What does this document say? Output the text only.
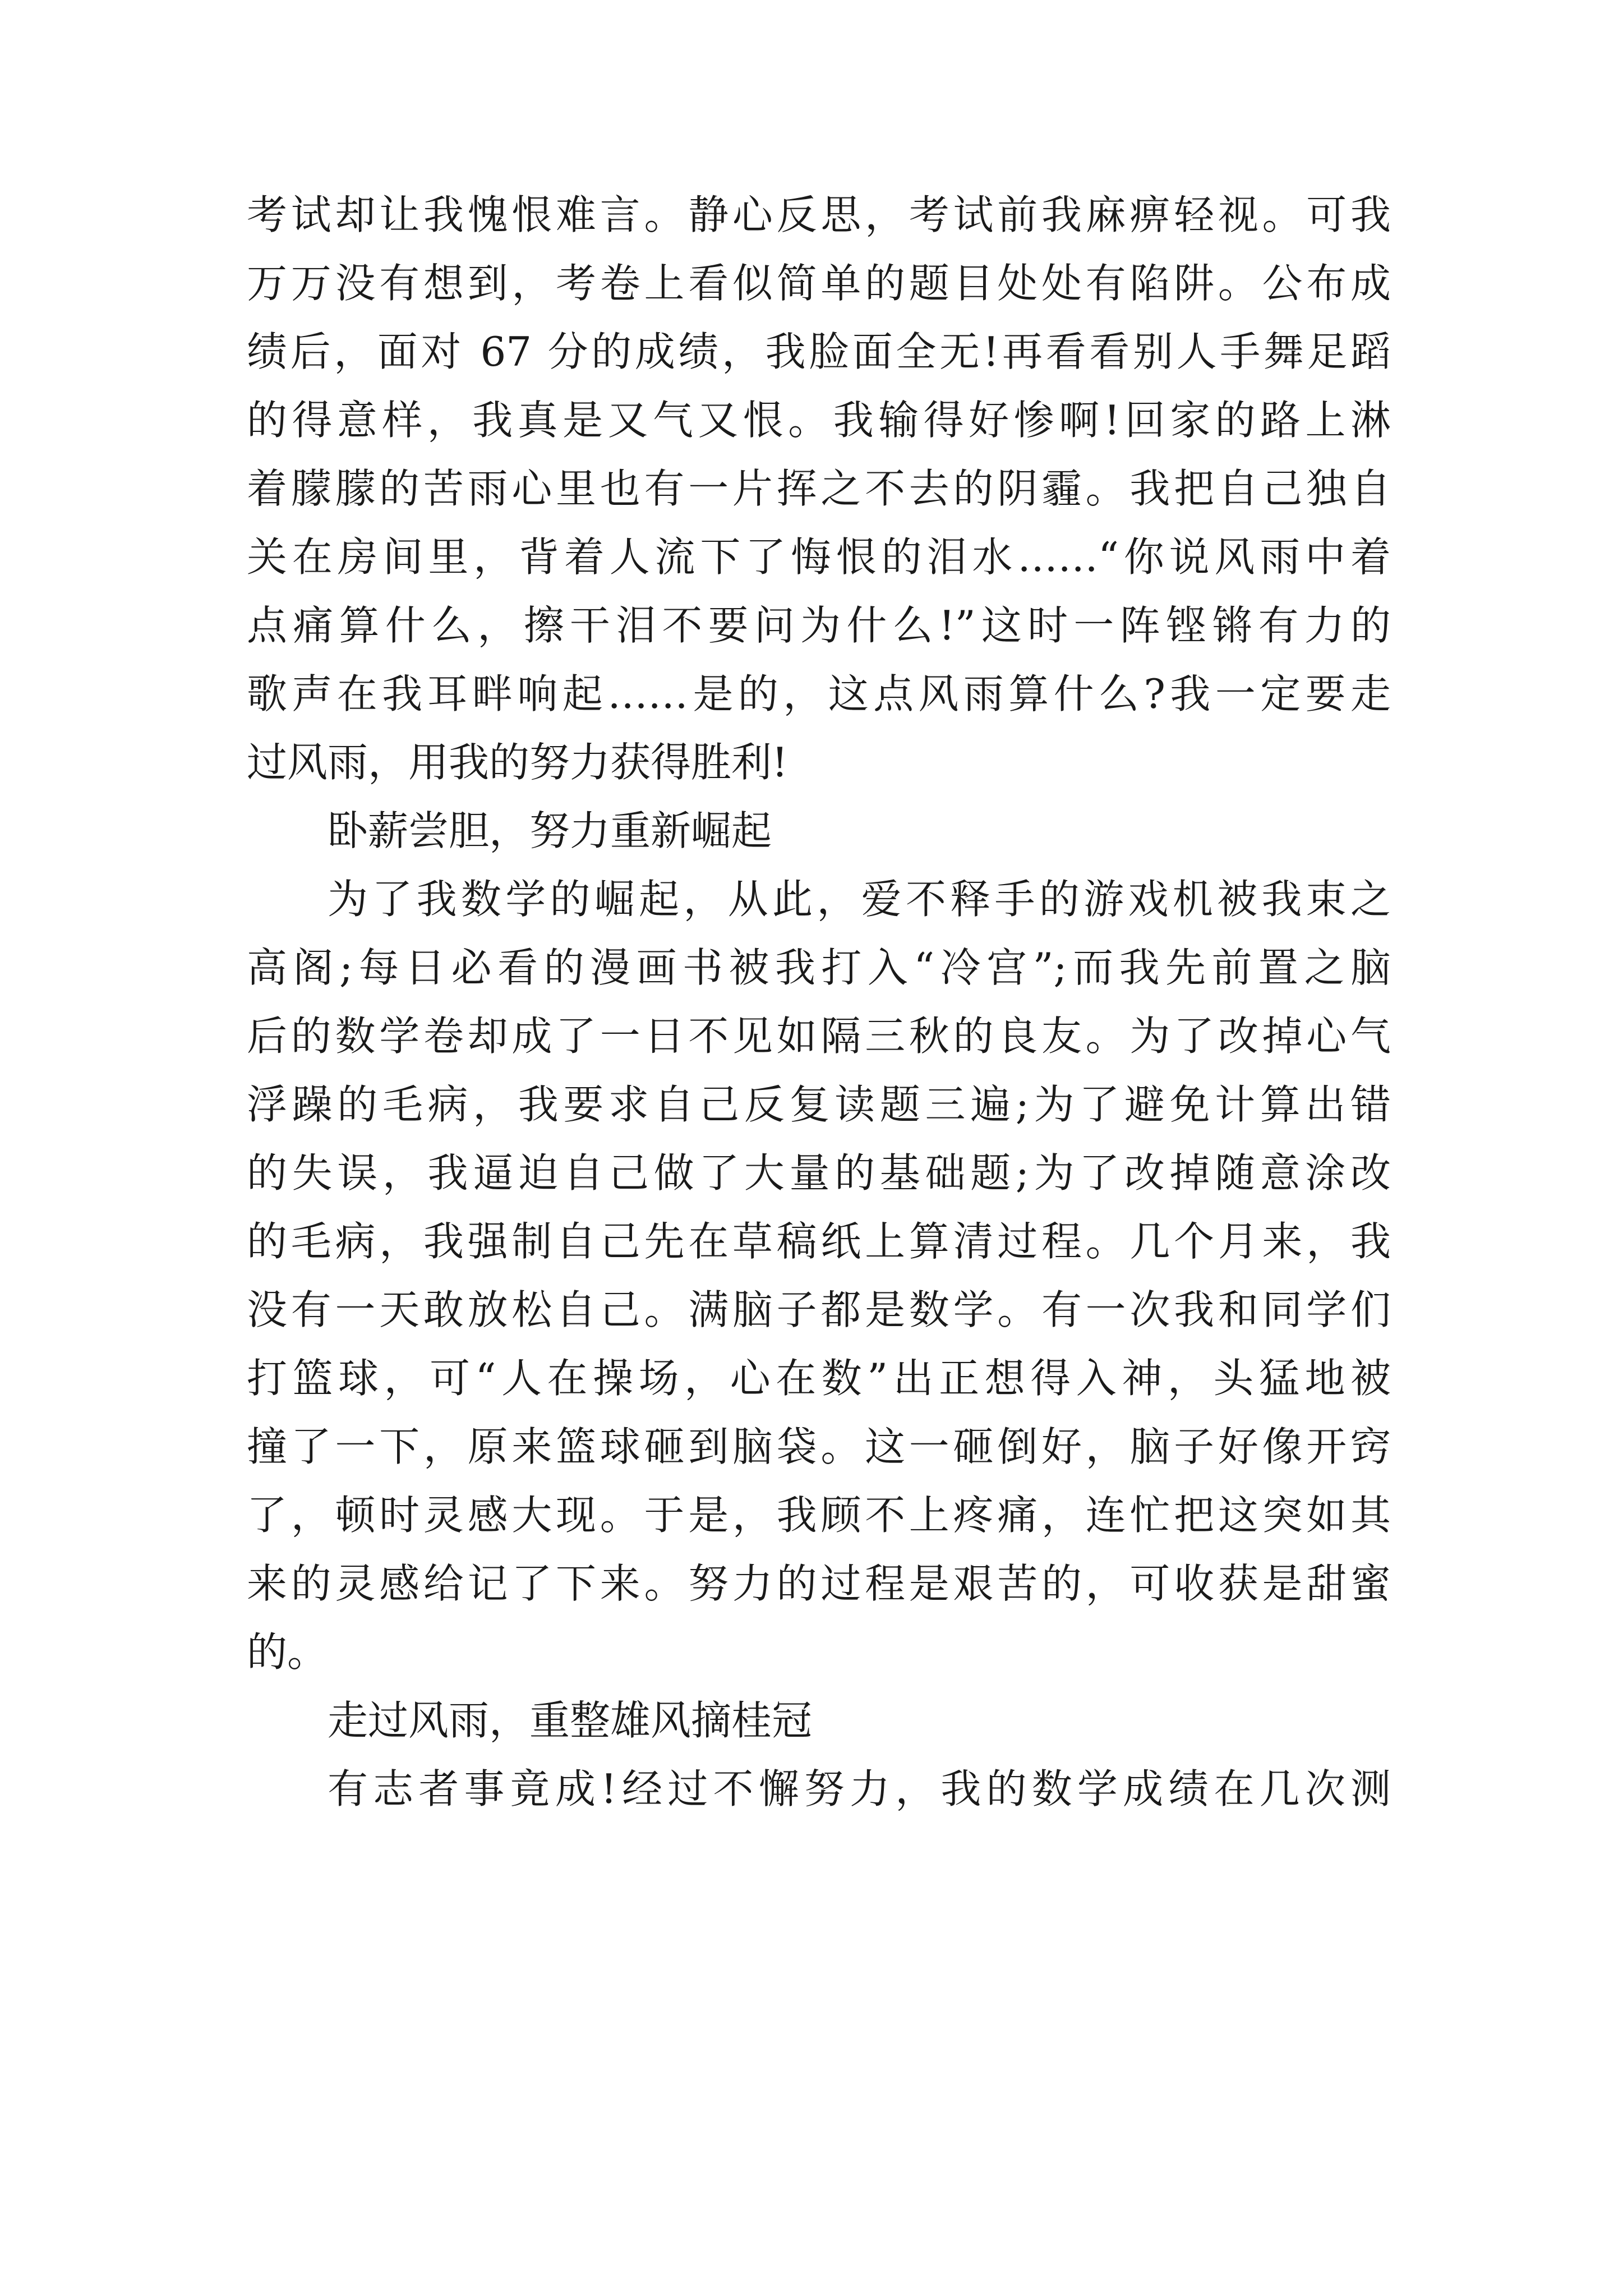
考试却让我愧恨难言。静心反思，考试前我麻痹轻视。可我
万万没有想到，考卷上看似简单的题目处处有陷阱。公布成
绩后，面对 67 分的成绩，我脸面全无!再看看别人手舞足蹈
的得意样，我真是又气又恨。我输得好惨啊!回家的路上淋
着朦朦的苦雨心里也有一片挥之不去的阴霾。我把自己独自
关在房间里，背着人流下了悔恨的泪水……“你说风雨中着
点痛算什么，擦干泪不要问为什么!”这时一阵铿锵有力的
歌声在我耳畔响起……是的，这点风雨算什么?我一定要走
过风雨，用我的努力获得胜利!
卧薪尝胆，努力重新崛起
为了我数学的崛起，从此，爱不释手的游戏机被我束之
高阁;每日必看的漫画书被我打入“冷宫”;而我先前置之脑
后的数学卷却成了一日不见如隔三秋的良友。为了改掉心气
浮躁的毛病，我要求自己反复读题三遍;为了避免计算出错
的失误，我逼迫自己做了大量的基础题;为了改掉随意涂改
的毛病，我强制自己先在草稿纸上算清过程。几个月来，我
没有一天敢放松自己。满脑子都是数学。有一次我和同学们
打篮球，可“人在操场，心在数”出正想得入神，头猛地被
撞了一下，原来篮球砸到脑袋。这一砸倒好，脑子好像开窍
了，顿时灵感大现。于是，我顾不上疼痛，连忙把这突如其
来的灵感给记了下来。努力的过程是艰苦的，可收获是甜蜜
的。
走过风雨，重整雄风摘桂冠
有志者事竟成!经过不懈努力，我的数学成绩在几次测
